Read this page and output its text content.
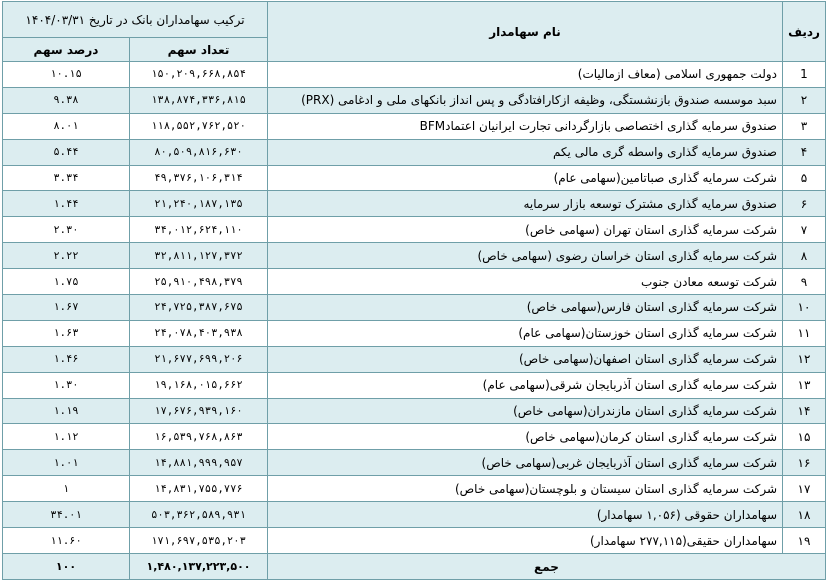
ردیف	نام سهامدار	ترکیب سهامداران بانک در تاریخ ۱۴۰۴/۰۳/۳۱	
		تعداد سهم	درصد سهم
1	دولت جمهوری اسلامی (معاف ازمالیات)	۱۵۰,۲۰۹,۶۶۸,۸۵۴	۱۰.۱۵
۲	سبد موسسه صندوق بازنشستگی، وظیفه ازکارافتادگی و پس انداز بانکهای ملی و ادغامی (PRX)	۱۳۸,۸۷۴,۳۳۶,۸۱۵	۹.۳۸
۳	صندوق سرمایه گذاری اختصاصی بازارگردانی تجارت ایرانیان اعتمادBFM	۱۱۸,۵۵۲,۷۶۲,۵۲۰	۸.۰۱
۴	صندوق سرمایه گذاری واسطه گری مالی یکم	۸۰,۵۰۹,۸۱۶,۶۳۰	۵.۴۴
۵	شرکت سرمایه گذاری صباتامین(سهامی عام)	۴۹,۳۷۶,۱۰۶,۳۱۴	۳.۳۴
۶	صندوق سرمایه گذاری مشترک توسعه بازار سرمایه	۲۱,۲۴۰,۱۸۷,۱۳۵	۱.۴۴
۷	شرکت سرمایه گذاری استان تهران (سهامی خاص)	۳۴,۰۱۲,۶۲۴,۱۱۰	۲.۳۰
۸	شرکت سرمایه گذاری استان خراسان رضوی (سهامی خاص)	۳۲,۸۱۱,۱۲۷,۳۷۲	۲.۲۲
۹	شرکت توسعه معادن جنوب	۲۵,۹۱۰,۴۹۸,۳۷۹	۱.۷۵
۱۰	شرکت سرمایه گذاری استان فارس(سهامی خاص)	۲۴,۷۲۵,۳۸۷,۶۷۵	۱.۶۷
۱۱	شرکت سرمایه گذاری استان خوزستان(سهامی عام)	۲۴,۰۷۸,۴۰۳,۹۳۸	۱.۶۳
۱۲	شرکت سرمایه گذاری استان اصفهان(سهامی خاص)	۲۱,۶۷۷,۶۹۹,۲۰۶	۱.۴۶
۱۳	شرکت سرمایه گذاری استان آذربایجان شرقی(سهامی عام)	۱۹,۱۶۸,۰۱۵,۶۶۲	۱.۳۰
۱۴	شرکت سرمایه گذاری استان مازندران(سهامی خاص)	۱۷,۶۷۶,۹۳۹,۱۶۰	۱.۱۹
۱۵	شرکت سرمایه گذاری استان کرمان(سهامی خاص)	۱۶,۵۳۹,۷۶۸,۸۶۳	۱.۱۲
۱۶	شرکت سرمایه گذاری استان آذربایجان غربی(سهامی خاص)	۱۴,۸۸۱,۹۹۹,۹۵۷	۱.۰۱
۱۷	شرکت سرمایه گذاری استان سیستان و بلوچستان(سهامی خاص)	۱۴,۸۳۱,۷۵۵,۷۷۶	۱
۱۸	سهامداران حقوقی (۱,۰۵۶ سهامدار)	۵۰۳,۳۶۲,۵۸۹,۹۳۱	۳۴.۰۱
۱۹	سهامداران حقیقی(۲۷۷,۱۱۵ سهامدار)	۱۷۱,۶۹۷,۵۳۵,۲۰۳	۱۱.۶۰
جمع		۱,۴۸۰,۱۳۷,۲۲۳,۵۰۰	۱۰۰
